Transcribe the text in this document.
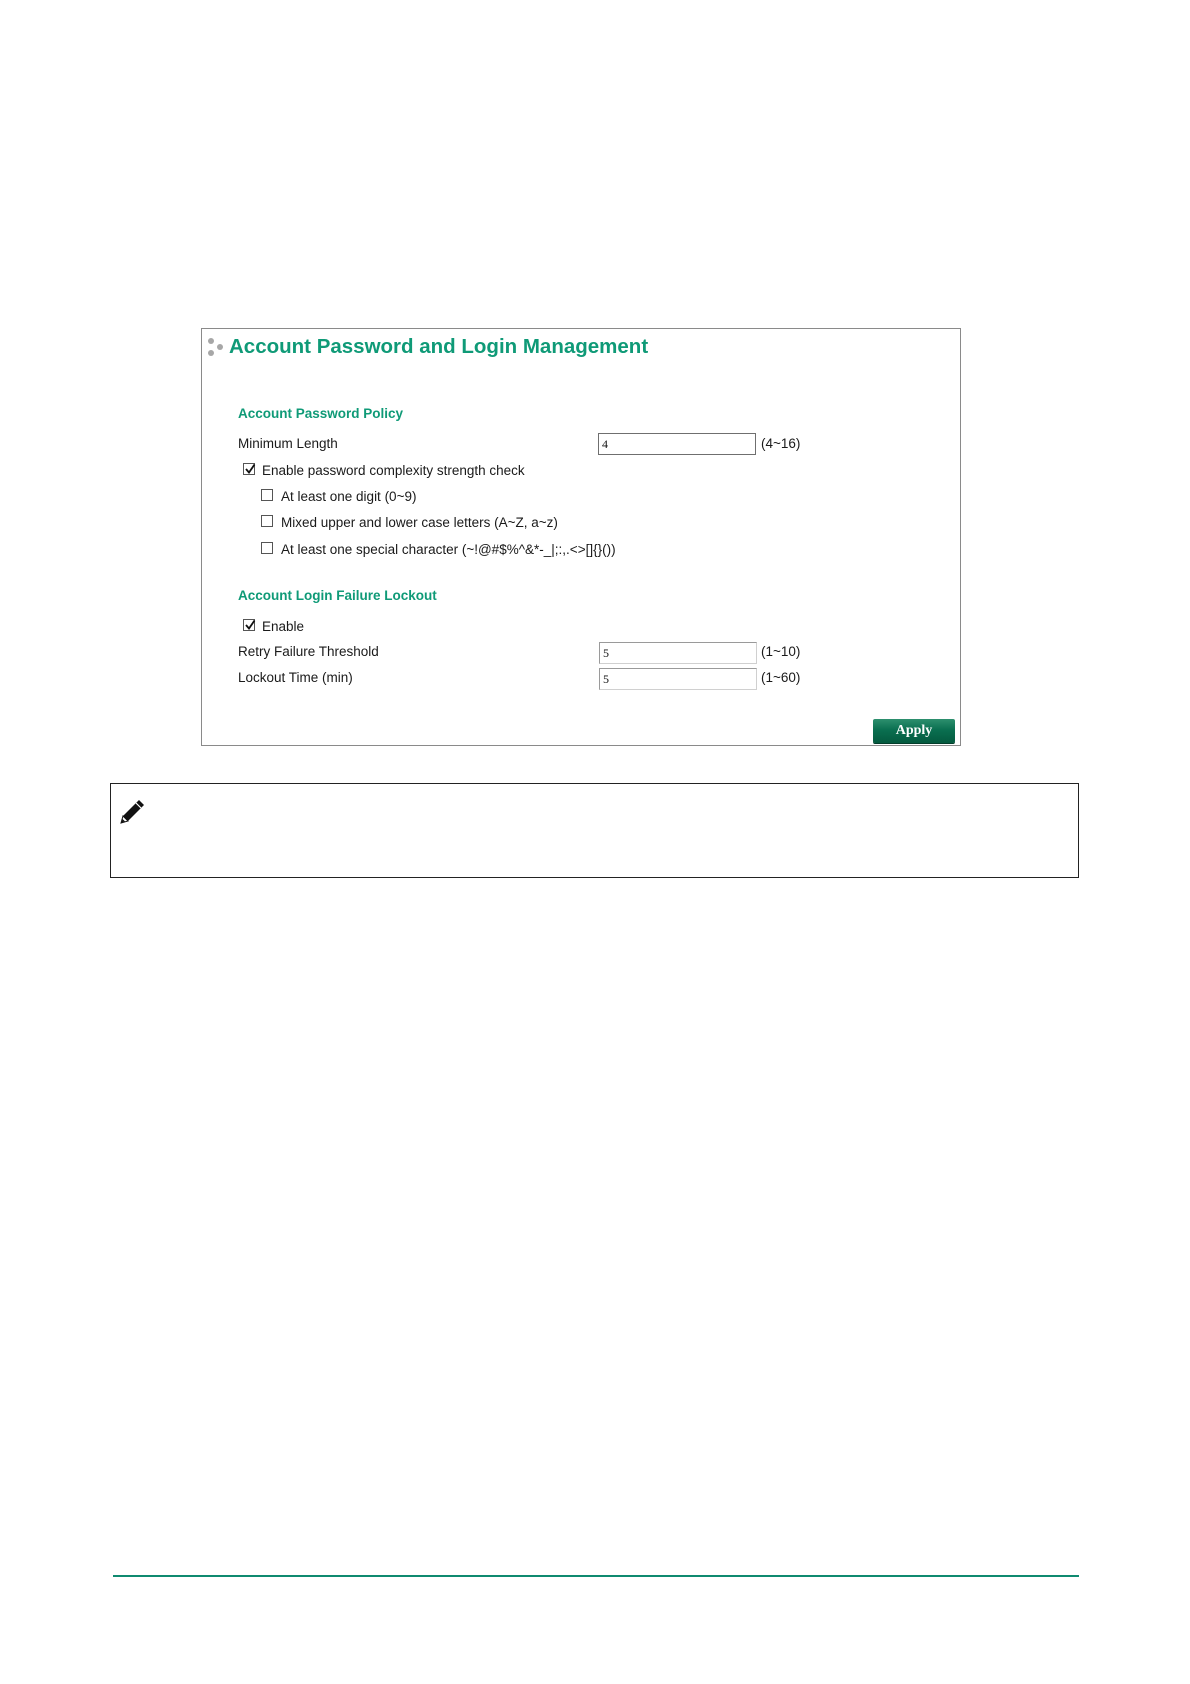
Account Password and Login Management
Account Password Policy
Minimum Length	4	(4~16)
Enable password complexity strength check
At least one digit (0~9)
Mixed upper and lower case letters (A~Z, a~z)
At least one special character (~!@#$%^&*-_|;:,.<>[]{}())
Account Login Failure Lockout
Enable
Retry Failure Threshold	5	(1~10)
Lockout Time (min)	5	(1~60)
Apply
